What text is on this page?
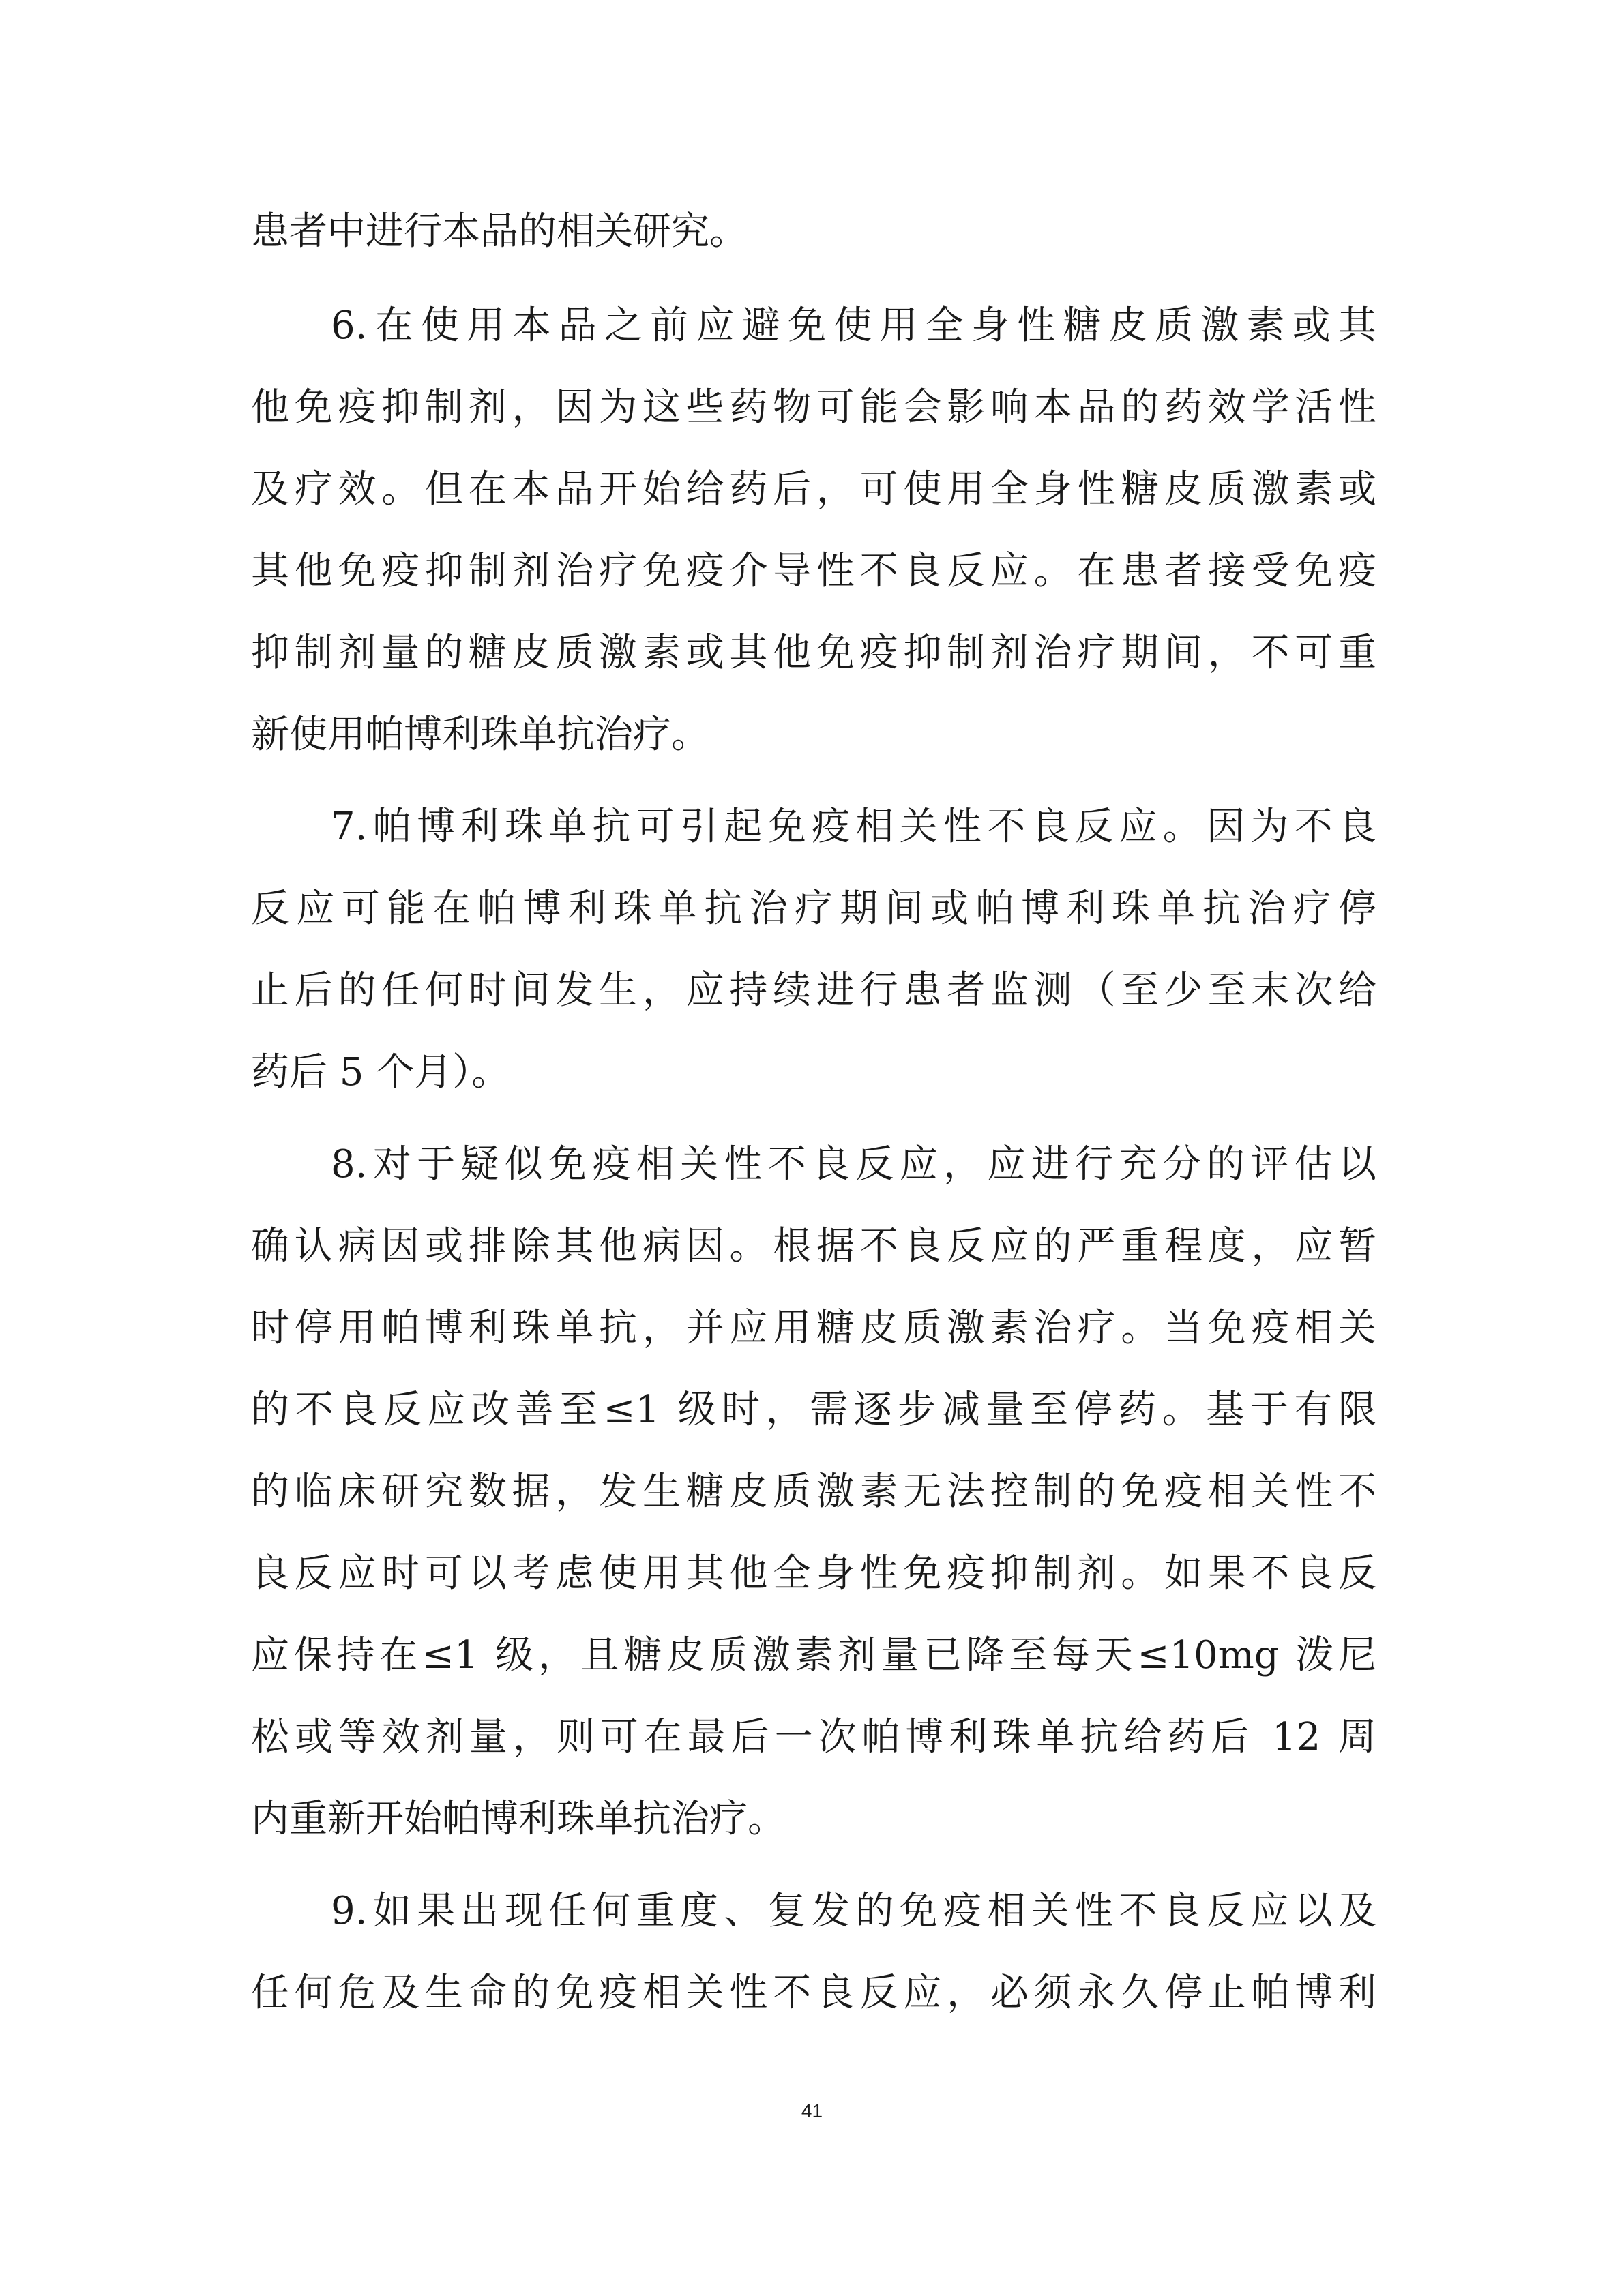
患者中进行本品的相关研究。
6.在使用本品之前应避免使用全身性糖皮质激素或其
他免疫抑制剂，因为这些药物可能会影响本品的药效学活性
及疗效。但在本品开始给药后，可使用全身性糖皮质激素或
其他免疫抑制剂治疗免疫介导性不良反应。在患者接受免疫
抑制剂量的糖皮质激素或其他免疫抑制剂治疗期间，不可重
新使用帕博利珠单抗治疗。
7.帕博利珠单抗可引起免疫相关性不良反应。因为不良
反应可能在帕博利珠单抗治疗期间或帕博利珠单抗治疗停
止后的任何时间发生，应持续进行患者监测（至少至末次给
药后 5 个月）。
8.对于疑似免疫相关性不良反应，应进行充分的评估以
确认病因或排除其他病因。根据不良反应的严重程度，应暂
时停用帕博利珠单抗，并应用糖皮质激素治疗。当免疫相关
的不良反应改善至≤1 级时，需逐步减量至停药。基于有限
的临床研究数据，发生糖皮质激素无法控制的免疫相关性不
良反应时可以考虑使用其他全身性免疫抑制剂。如果不良反
应保持在≤1 级，且糖皮质激素剂量已降至每天≤10mg 泼尼
松或等效剂量，则可在最后一次帕博利珠单抗给药后 12 周
内重新开始帕博利珠单抗治疗。
9.如果出现任何重度、复发的免疫相关性不良反应以及
任何危及生命的免疫相关性不良反应，必须永久停止帕博利
41
